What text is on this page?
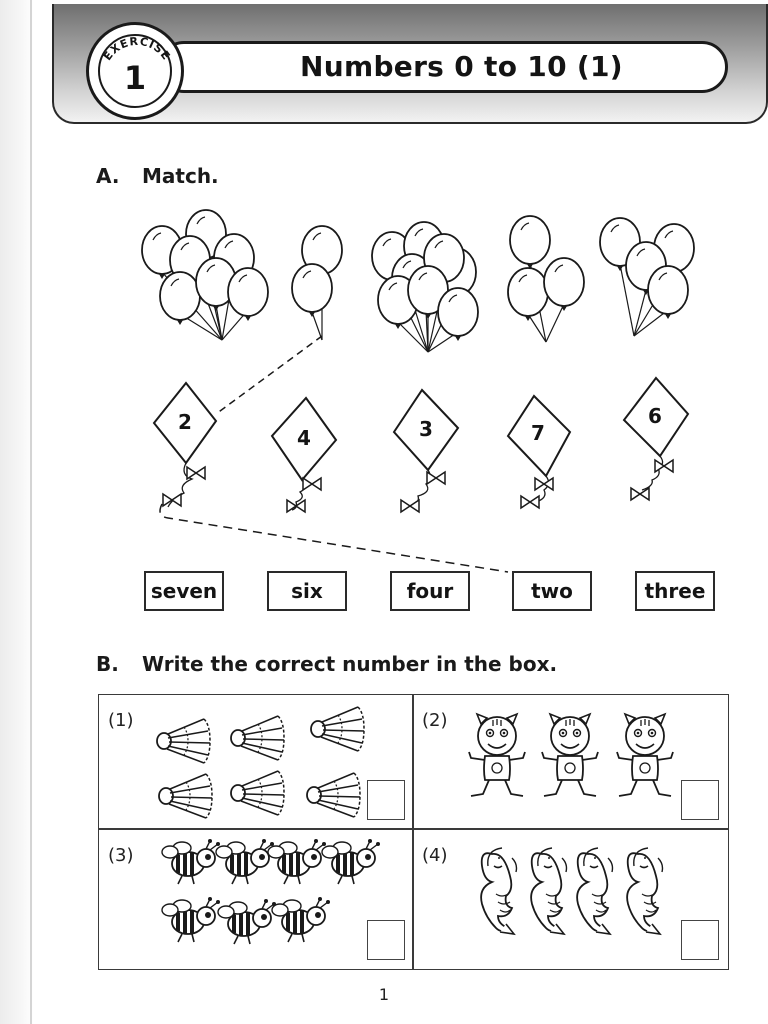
Numbers 0 to 10 (1)
EXERCISE
1
A. Match.
2
4	3	7
6
seven	six	four	two	three
B. Write the correct number in the box.
(1)	(2)
(3)	(4)
1
